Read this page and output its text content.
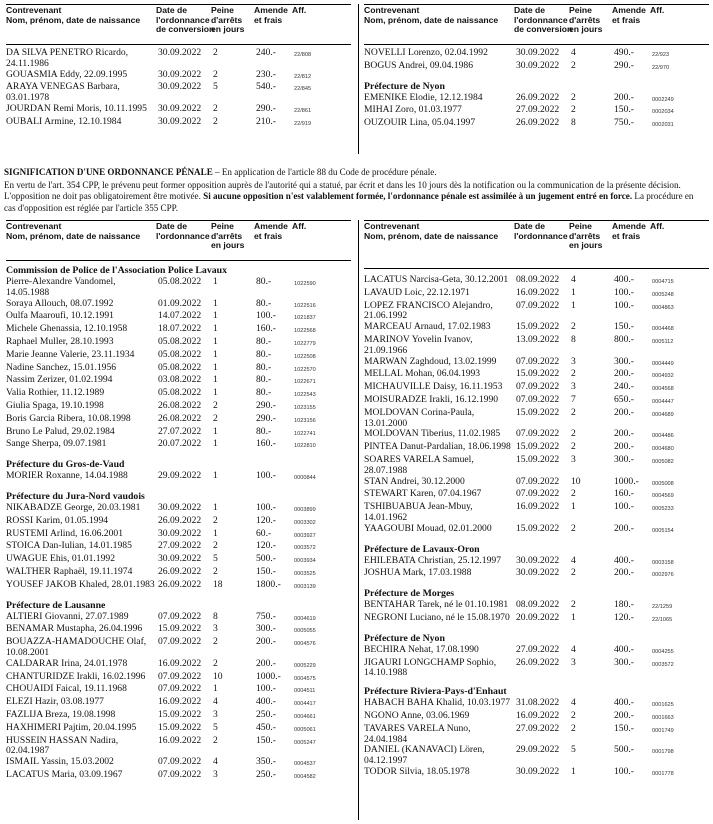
Contrevenant
Nom, prénom, date de naissance
Date de
l'ordonnance
de conversion
Peine
d'arrêts
en jours
Amende
et frais
Aff.
DA SILVA PENETRO Ricardo, 24.11.1986	30.09.2022	2	240.-	22/808
GOUASMIA Eddy, 22.09.1995	30.09.2022	2	230.-	22/812
ARAYA VENEGAS Barbara, 03.01.1978	30.09.2022	5	540.-	22/845
JOURDAN Remi Moris, 10.11.1995	30.09.2022	2	290.-	22/861
OUBALI Armine, 12.10.1984	30.09.2022	2	210.-	22/919
Contrevenant
Nom, prénom, date de naissance
Date de
l'ordonnance
de conversion
Peine
d'arrêts
en jours
Amende
et frais
Aff.
NOVELLI Lorenzo, 02.04.1992	30.09.2022	4	490.-	22/923
BOGUS Andrei, 09.04.1986	30.09.2022	2	290.-	22/970
Préfecture de Nyon
EMENIKE Elodie, 12.12.1984	26.09.2022	2	200.-	0002249
MIHAI Zoro, 01.03.1977	27.09.2022	2	150.-	0002034
OUZOUIR Lina, 05.04.1997	26.09.2022	8	750.-	0002031

SIGNIFICATION D'UNE ORDONNANCE PÉNALE – En application de l'article 88 du Code de procédure pénale.

En vertu de l'art. 354 CPP, le prévenu peut former opposition auprès de l'autorité qui a statué, par écrit et dans les 10 jours dès la notification ou la communication de la présente décision. L'opposition ne doit pas obligatoirement être motivée. Si aucune opposition n'est valablement formée, l'ordonnance pénale est assimilée à un jugement entré en force. La procédure en cas d'opposition est réglée par l'article 355 CPP.

Contrevenant
Nom, prénom, date de naissance
Date de
l'ordonnance
Peine
d'arrêts
en jours
Amende
et frais
Aff.
Commission de Police de l'Association Police Lavaux
Pierre-Alexandre Vandomel, 14.05.1988	05.08.2022	1	80.-	1022590
Soraya Allouch, 08.07.1992	01.09.2022	1	80.-	1022516
Oulfa Maaroufi, 10.12.1991	14.07.2022	1	100.-	1021837
Michele Ghenassia, 12.10.1958	18.07.2022	1	160.-	1022568
Raphael Muller, 28.10.1993	05.08.2022	1	80.-	1022779
Marie Jeanne Valerie, 23.11.1934	05.08.2022	1	80.-	1022508
Nadine Sanchez, 15.01.1956	05.08.2022	1	80.-	1022570
Nassim Zerizer, 01.02.1994	03.08.2022	1	80.-	1022671
Valia Rothier, 11.12.1989	05.08.2022	1	80.-	1022543
Giulia Spaga, 19.10.1998	26.08.2022	2	290.-	1023155
Boris Garcia Ribera, 10.08.1998	26.08.2022	2	290.-	1023156
Bruno Le Palud, 29.02.1984	27.07.2022	1	80.-	1022741
Sange Sherpa, 09.07.1981	20.07.2022	1	160.-	1022810
Préfecture du Gros-de-Vaud
MORIER Roxanne, 14.04.1988	29.09.2022	1	100.-	0000844
Préfecture du Jura-Nord vaudois
NIKABADZE George, 20.03.1981	30.09.2022	1	100.-	0003899
ROSSI Karim, 01.05.1994	26.09.2022	2	120.-	0003302
RUSTEMI Arlind, 16.06.2001	30.09.2022	1	60.-	0003927
STOICA Dan-Iulian, 14.01.1985	27.09.2022	2	120.-	0003572
UWAGUE Ehis, 01.01.1992	30.09.2022	5	500.-	0003934
WALTHER Raphaël, 19.11.1974	26.09.2022	2	150.-	0003525
YOUSEF JAKOB Khaled, 28.01.1983	26.09.2022	18	1800.-	0003139
Préfecture de Lausanne
ALTIERI Giovanni, 27.07.1989	07.09.2022	8	750.-	0004619
BENAMAR Mustapha, 26.04.1996	15.09.2022	3	300.-	0005055
BOUAZZA-HAMADOUCHE Olaf, 10.08.2001	07.09.2022	2	200.-	0004576
CALDARAR Irina, 24.01.1978	16.09.2022	2	200.-	0005229
CHANTURIDZE Irakli, 16.02.1996	07.09.2022	10	1000.-	0004575
CHOUAIDI Faical, 19.11.1968	07.09.2022	1	100.-	0004511
ELEZI Hazir, 03.08.1977	16.09.2022	4	400.-	0004417
FAZLIJA Breza, 19.08.1998	15.09.2022	3	250.-	0004661
HAXHIMERI Pajtim, 20.04.1995	15.09.2022	5	450.-	0005061
HUSSEIN HASSAN Nadira, 02.04.1987	16.09.2022	2	150.-	0005247
ISMAIL Yassin, 15.03.2002	07.09.2022	4	350.-	0004537
LACATUS Maria, 03.09.1967	07.09.2022	3	250.-	0004582
Contrevenant
Nom, prénom, date de naissance
Date de
l'ordonnance
Peine
d'arrêts
en jours
Amende
et frais
Aff.
LACATUS Narcisa-Geta, 30.12.2001	08.09.2022	4	400.-	0004715
LAVAUD Loic, 22.12.1971	16.09.2022	1	100.-	0005248
LOPEZ FRANCISCO Alejandro, 21.06.1992	07.09.2022	1	100.-	0004863
MARCEAU Arnaud, 17.02.1983	15.09.2022	2	150.-	0004468
MARINOV Yovelin Ivanov, 21.09.1966	13.09.2022	8	800.-	0005112
MARWAN Zaghdoud, 13.02.1999	07.09.2022	3	300.-	0004449
MELLAL Mohan, 06.04.1993	15.09.2022	2	200.-	0004932
MICHAUVILLE Daisy, 16.11.1953	07.09.2022	3	240.-	0004568
MOISURADZE Irakli, 16.12.1990	07.09.2022	7	650.-	0004447
MOLDOVAN Corina-Paula, 13.01.2000	15.09.2022	2	200.-	0004689
MOLDOVAN Tiberius, 11.02.1985	07.09.2022	2	200.-	0004486
PINTEA Danut-Pardalian, 18.06.1998	15.09.2022	2	200.-	0004680
SOARES VARELA Samuel, 28.07.1988	15.09.2022	3	300.-	0005082
STAN Andrei, 30.12.2000	07.09.2022	10	1000.-	0005008
STEWART Karen, 07.04.1967	07.09.2022	2	160.-	0004569
TSHIBUABUA Jean-Mbuy, 14.01.1962	16.09.2022	1	100.-	0005233
YAAGOUBI Mouad, 02.01.2000	15.09.2022	2	200.-	0005154
Préfecture de Lavaux-Oron
EHILEBATA Christian, 25.12.1997	30.09.2022	4	400.-	0003158
JOSHUA Mark, 17.03.1988	30.09.2022	2	200.-	0002976
Préfecture de Morges
BENTAHAR Tarek, né le 01.10.1981	08.09.2022	2	180.-	22/1259
NEGRONI Luciano, né le 15.08.1970	20.09.2022	1	120.-	22/1065
Préfecture de Nyon
BECHIRA Nehat, 17.08.1990	27.09.2022	4	400.-	0004255
JIGAURI LONGCHAMP Sophio, 14.10.1988	26.09.2022	3	300.-	0003572
Préfecture Riviera-Pays-d'Enhaut
HABACH BAHA Khalid, 10.03.1977	31.08.2022	4	400.-	0001625
NGONO Anne, 03.06.1969	16.09.2022	2	200.-	0001663
TAVARES VARELA Nuno, 24.04.1984	27.09.2022	2	150.-	0001749
DANIEL (KANAVACI) Lören, 04.12.1997	29.09.2022	5	500.-	0001798
TODOR Silvia, 18.05.1978	30.09.2022	1	100.-	0001778
